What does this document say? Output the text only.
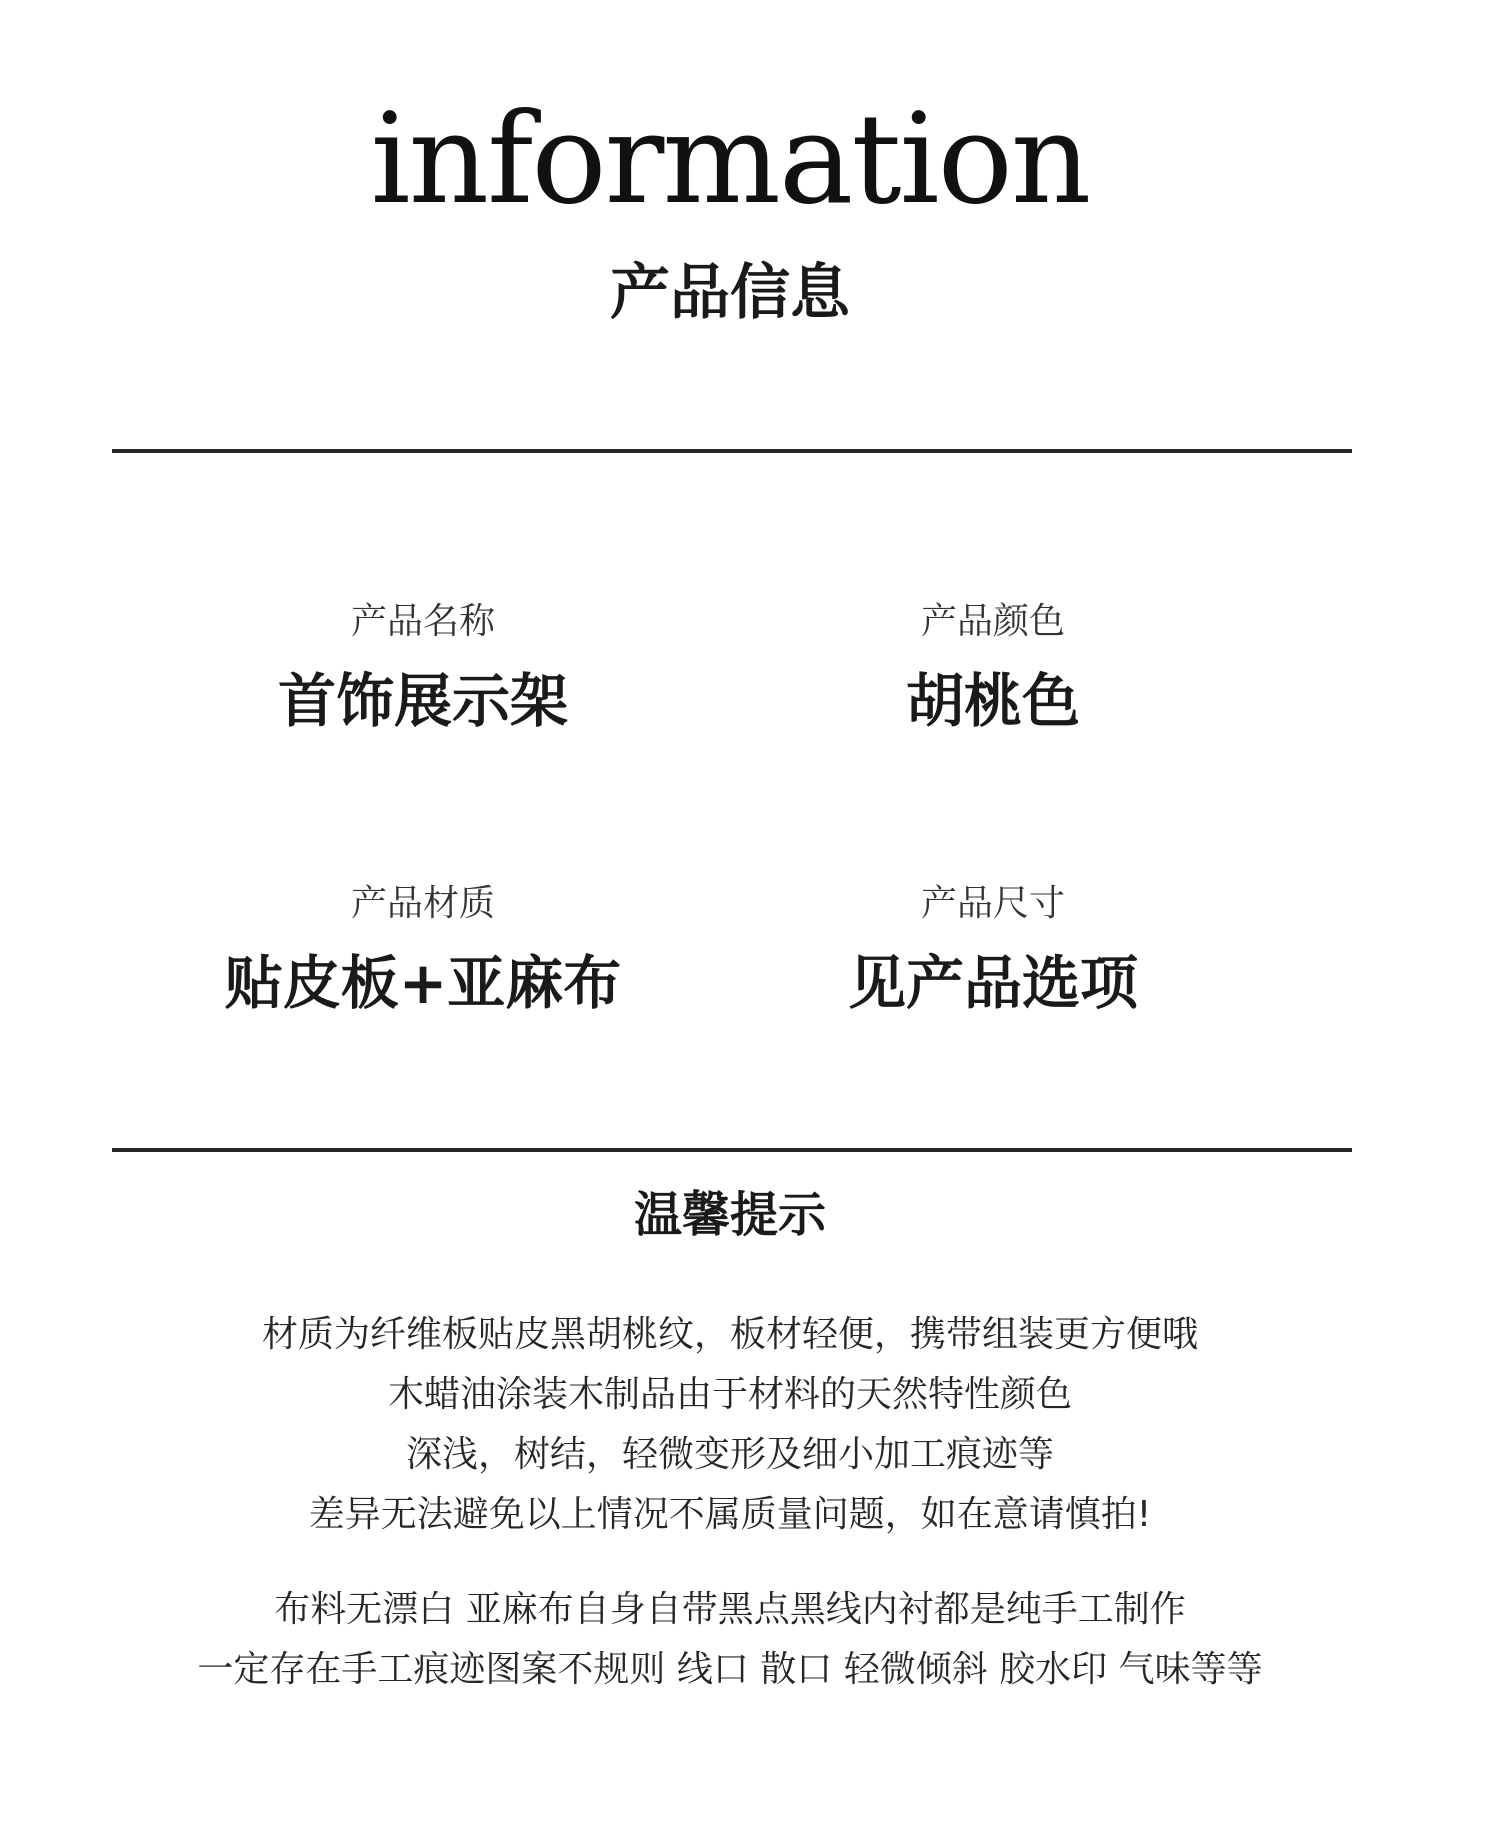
information
产品信息
产品名称
首饰展示架
产品颜色
胡桃色
产品材质
贴皮板+亚麻布
产品尺寸
见产品选项
温馨提示
材质为纤维板贴皮黑胡桃纹，板材轻便，携带组装更方便哦
木蜡油涂装木制品由于材料的天然特性颜色
深浅，树结，轻微变形及细小加工痕迹等
差异无法避免以上情况不属质量问题，如在意请慎拍!
布料无漂白 亚麻布自身自带黑点黑线内衬都是纯手工制作
一定存在手工痕迹图案不规则 线口 散口 轻微倾斜 胶水印 气味等等
